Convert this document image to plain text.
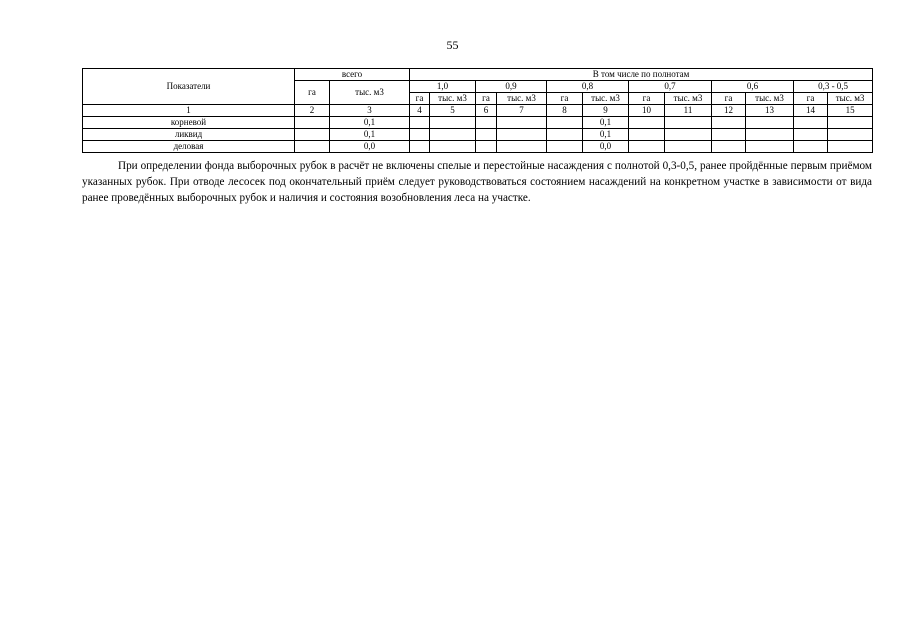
55
Показатели	всего		В том числе по полнотам											
	га	тыс. м3	1,0		0,9		0,8		0,7		0,6		0,3 - 0,5	
			га	тыс. м3	га	тыс. м3	га	тыс. м3	га	тыс. м3	га	тыс. м3	га	тыс. м3
1	2	3	4	5	6	7	8	9	10	11	12	13	14	15
корневой		0,1						0,1						
ликвид		0,1						0,1						
деловая		0,0						0,0						

При определении фонда выборочных рубок в расчёт не включены спелые и перестойные насаждения с полнотой 0,3-0,5, ранее пройдённые первым приёмом указанных рубок. При отводе лесосек под окончательный приём следует руководствоваться состоянием насаждений на конкретном участке в зависимости от вида ранее проведённых выборочных рубок и наличия и состояния возобновления леса на участке.
